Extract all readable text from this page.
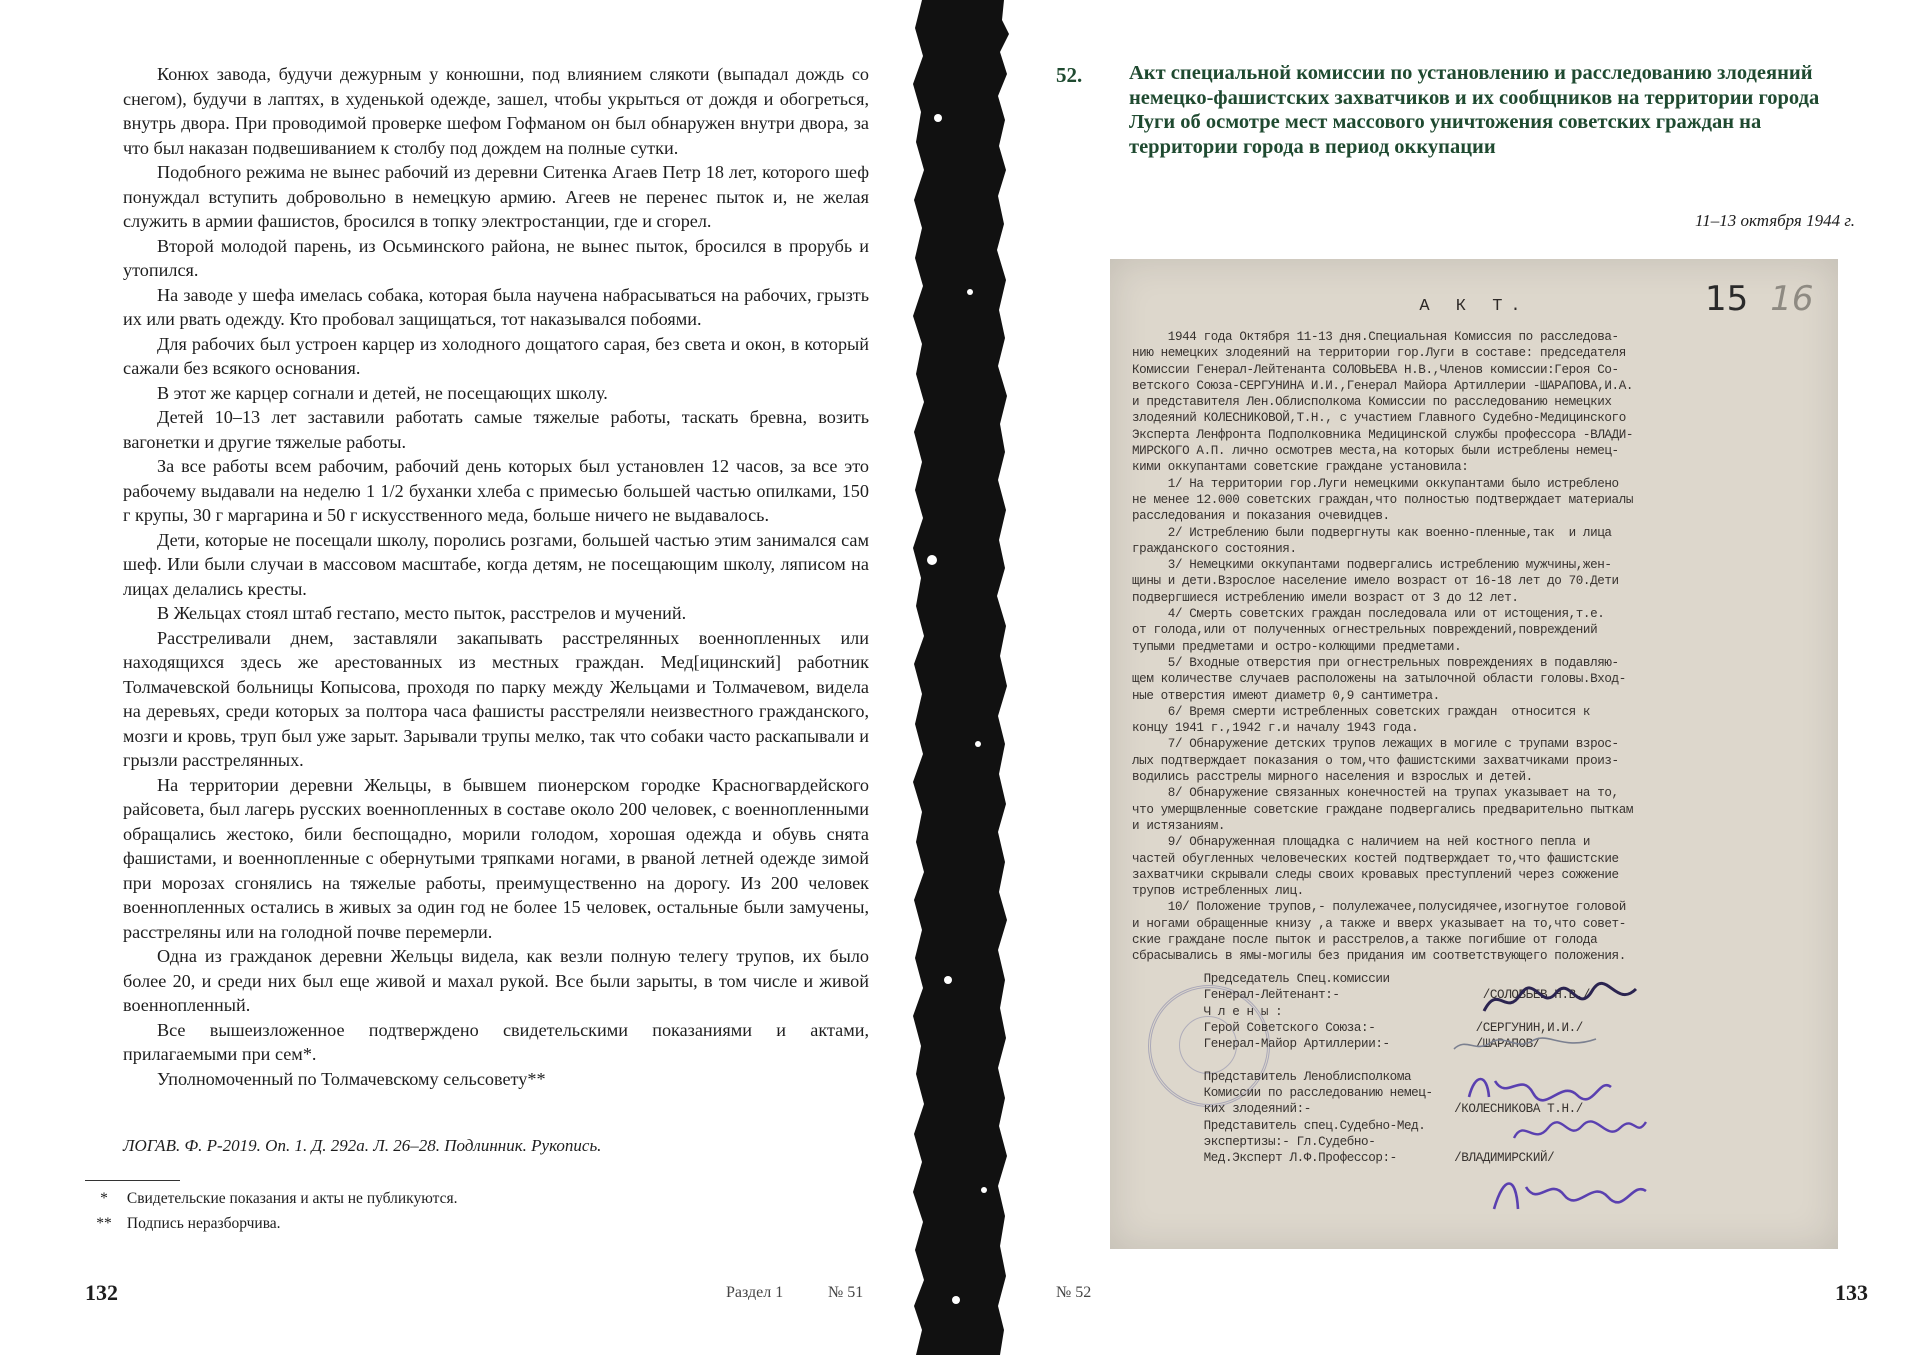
Конюх завода, будучи дежурным у конюшни, под влиянием слякоти (выпадал дождь со снегом), будучи в лаптях, в худенькой одежде, зашел, чтобы укрыться от дождя и обогреться, внутрь двора. При проводимой проверке шефом Гофманом он был обнаружен внутри двора, за что был наказан подвешиванием к столбу под дождем на полные сутки.

Подобного режима не вынес рабочий из деревни Ситенка Агаев Петр 18 лет, которого шеф понуждал вступить добровольно в немецкую армию. Агеев не перенес пыток и, не желая служить в армии фашистов, бросился в топку электростанции, где и сгорел.

Второй молодой парень, из Осьминского района, не вынес пыток, бросился в прорубь и утопился.

На заводе у шефа имелась собака, которая была научена набрасываться на рабочих, грызть их или рвать одежду. Кто пробовал защищаться, тот наказывался побоями.

Для рабочих был устроен карцер из холодного дощатого сарая, без света и окон, в который сажали без всякого основания.

В этот же карцер согнали и детей, не посещающих школу.

Детей 10–13 лет заставили работать самые тяжелые работы, таскать бревна, возить вагонетки и другие тяжелые работы.

За все работы всем рабочим, рабочий день которых был установлен 12 часов, за все это рабочему выдавали на неделю 1 1/2 буханки хлеба с примесью большей частью опилками, 150 г крупы, 30 г маргарина и 50 г искусственного меда, больше ничего не выдавалось.

Дети, которые не посещали школу, поролись розгами, большей частью этим занимался сам шеф. Или были случаи в массовом масштабе, когда детям, не посещающим школу, ляписом на лицах делались кресты.

В Жельцах стоял штаб гестапо, место пыток, расстрелов и мучений.

Расстреливали днем, заставляли закапывать расстрелянных военнопленных или находящихся здесь же арестованных из местных граждан. Мед[ицинский] работник Толмачевской больницы Копысова, проходя по парку между Жельцами и Толмачевом, видела на деревьях, среди которых за полтора часа фашисты расстреляли неизвестного гражданского, мозги и кровь, труп был уже зарыт. Зарывали трупы мелко, так что собаки часто раскапывали и грызли расстрелянных.

На территории деревни Жельцы, в бывшем пионерском городке Красногвардейского райсовета, был лагерь русских военнопленных в составе около 200 человек, с военнопленными обращались жестоко, били беспощадно, морили голодом, хорошая одежда и обувь снята фашистами, и военнопленные с обернутыми тряпками ногами, в рваной летней одежде зимой при морозах сгонялись на тяжелые работы, преимущественно на дорогу. Из 200 человек военнопленных остались в живых за один год не более 15 человек, остальные были замучены, расстреляны или на голодной почве перемерли.

Одна из гражданок деревни Жельцы видела, как везли полную телегу трупов, их было более 20, и среди них был еще живой и махал рукой. Все были зарыты, в том числе и живой военнопленный.

Все вышеизложенное подтверждено свидетельскими показаниями и актами, прилагаемыми при сем*.

Уполномоченный по Толмачевскому сельсовету**

ЛОГАВ. Ф. Р-2019. Оп. 1. Д. 292а. Л. 26–28. Подлинник. Рукопись.
* Свидетельские показания и акты не публикуются.
** Подпись неразборчива.
132	Раздел 1	№ 51
52. Акт специальной комиссии по установлению и расследованию злодеяний немецко-фашистских захватчиков и их сообщников на территории города Луги об осмотре мест массового уничтожения советских граждан на территории города в период оккупации
11–13 октября 1944 г.
А К Т.	15 16
1944 года Октября 11-13 дня.Специальная Комиссия по расследова-
нию немецких злодеяний на территории гор.Луги в составе: председателя
Комиссии Генерал-Лейтенанта СОЛОВЬЕВА Н.В.,Членов комиссии:Героя Со-
ветского Союза-СЕРГУНИНА И.И.,Генерал Майора Артиллерии -ШАРАПОВА,И.А.
и представителя Лен.Облисполкома Комиссии по расследованию немецких
злодеяний КОЛЕСНИКОВОЙ,Т.Н., с участием Главного Судебно-Медицинского
Эксперта Ленфронта Подполковника Медицинской службы профессора -ВЛАДИ-
МИРСКОГО А.П. лично осмотрев места,на которых были истреблены немец-
кими оккупантами советские граждане установила:
1/ На территории гор.Луги немецкими оккупантами было истреблено
не менее 12.000 советских граждан,что полностью подтверждает материалы
расследования и показания очевидцев.
2/ Истреблению были подвергнуты как военно-пленные,так  и лица
гражданского состояния.
3/ Немецкими оккупантами подвергались истреблению мужчины,жен-
щины и дети.Взрослое население имело возраст от 16-18 лет до 70.Дети
подвергшиеся истреблению имели возраст от 3 до 12 лет.
4/ Смерть советских граждан последовала или от истощения,т.е.
от голода,или от полученных огнестрельных повреждений,повреждений
тупыми предметами и остро-колющими предметами.
5/ Входные отверстия при огнестрельных повреждениях в подавляю-
щем количестве случаев расположены на затылочной области головы.Вход-
ные отверстия имеют диаметр 0,9 сантиметра.
6/ Время смерти истребленных советских граждан  относится к
концу 1941 г.,1942 г.и началу 1943 года.
7/ Обнаружение детских трупов лежащих в могиле с трупами взрос-
лых подтверждает показания о том,что фашистскими захватчиками произ-
водились расстрелы мирного населения и взрослых и детей.
8/ Обнаружение связанных конечностей на трупах указывает на то,
что умерщвленные советские граждане подвергались предварительно пыткам
и истязаниям.
9/ Обнаруженная площадка с наличием на ней костного пепла и
частей обугленных человеческих костей подтверждает то,что фашистские
захватчики скрывали следы своих кровавых преступлений через сожжение
трупов истребленных лиц.
10/ Положение трупов,- полулежачее,полусидячее,изогнутое головой
и ногами обращенные книзу ,а также и вверх указывает на то,что совет-
ские граждане после пыток и расстрелов,а также погибшие от голода
сбрасывались в ямы-могилы без придания им соответствующего положения.
Председатель Спец.комиссии
Генерал-Лейтенант:-                    /СОЛОВЬЕВ Н.В./
Ч л е н ы :
Герой Советского Союза:-              /СЕРГУНИН,И.И./
Генерал-Майор Артиллерии:-            /ШАРАПОВ/

Представитель Леноблисполкома
Комиссии по расследованию немец-
ких злодеяний:-                    /КОЛЕСНИКОВА Т.Н./
Представитель спец.Судебно-Мед.
экспертизы:- Гл.Судебно-
Мед.Эксперт Л.Ф.Профессор:-        /ВЛАДИМИРСКИЙ/
№ 52	133
